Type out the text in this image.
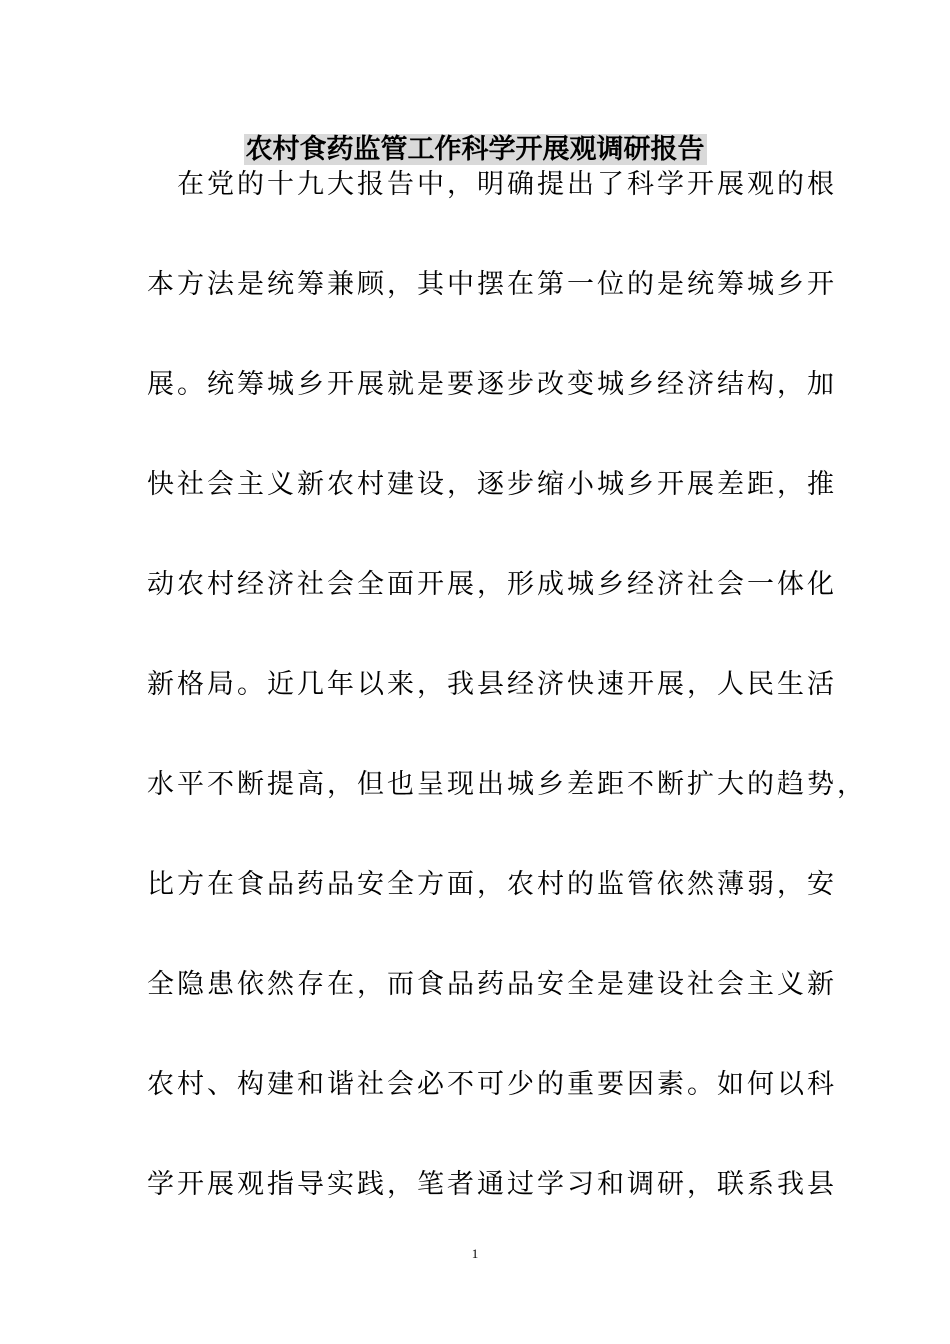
农村食药监管工作科学开展观调研报告

　在党的十九大报告中，明确提出了科学开展观的根

本方法是统筹兼顾，其中摆在第一位的是统筹城乡开

展。统筹城乡开展就是要逐步改变城乡经济结构，加

快社会主义新农村建设，逐步缩小城乡开展差距，推

动农村经济社会全面开展，形成城乡经济社会一体化

新格局。近几年以来，我县经济快速开展，人民生活

水平不断提高，但也呈现出城乡差距不断扩大的趋势，

比方在食品药品安全方面，农村的监管依然薄弱，安

全隐患依然存在，而食品药品安全是建设社会主义新

农村、构建和谐社会必不可少的重要因素。如何以科

学开展观指导实践，笔者通过学习和调研，联系我县

1
